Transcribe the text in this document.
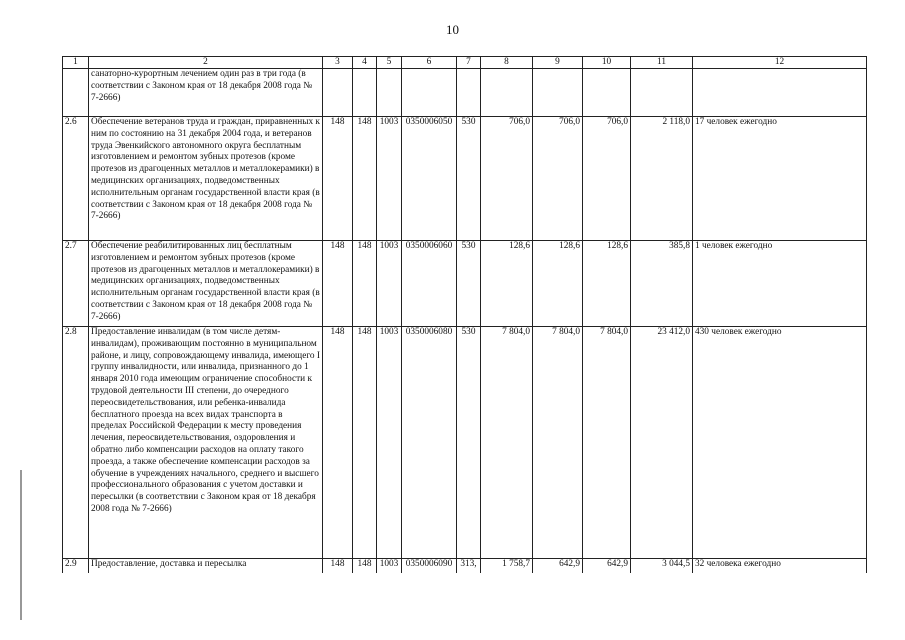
10
1	2	3	4	5	6	7	8	9	10	11	12
	санаторно-курортным лечением один раз в три года (в соответствии с Законом края от 18 декабря 2008 года № 7-2666)										
2.6	Обеспечение ветеранов труда и граждан, приравненных к ним по состоянию на 31 декабря 2004 года, и ветеранов труда Эвенкийского автономного округа бесплатным изготовлением и ремонтом зубных протезов (кроме протезов из драгоценных металлов и металлокерамики) в медицинских организациях, подведомственных исполнительным органам государственной власти края (в соответствии с Законом края от 18 декабря 2008 года № 7-2666)	148	148	1003	0350006050	530	706,0	706,0	706,0	2 118,0	17 человек ежегодно
2.7	Обеспечение реабилитированных лиц бесплатным изготовлением и ремонтом зубных протезов (кроме протезов из драгоценных металлов и металлокерамики) в медицинских организациях, подведомственных исполнительным органам государственной власти края (в соответствии с Законом края от 18 декабря 2008 года № 7-2666)	148	148	1003	0350006060	530	128,6	128,6	128,6	385,8	1 человек ежегодно
2.8	Предоставление инвалидам (в том числе детям-инвалидам), проживающим постоянно в муниципальном районе, и лицу, сопровождающему инвалида, имеющего I группу инвалидности, или инвалида, признанного до 1 января 2010 года имеющим ограничение способности к трудовой деятельности III степени, до очередного переосвидетельствования, или ребенка-инвалида бесплатного проезда на всех видах транспорта в пределах Российской Федерации к месту проведения лечения, переосвидетельствования, оздоровления и обратно либо компенсации расходов на оплату такого проезда, а также обеспечение компенсации расходов за обучение в учреждениях начального, среднего и высшего профессионального образования с учетом доставки и пересылки (в соответствии с Законом края от 18 декабря 2008 года № 7-2666)	148	148	1003	0350006080	530	7 804,0	7 804,0	7 804,0	23 412,0	430 человек ежегодно
2.9	Предоставление, доставка и пересылка	148	148	1003	0350006090	313,	1 758,7	642,9	642,9	3 044,5	32 человека ежегодно
